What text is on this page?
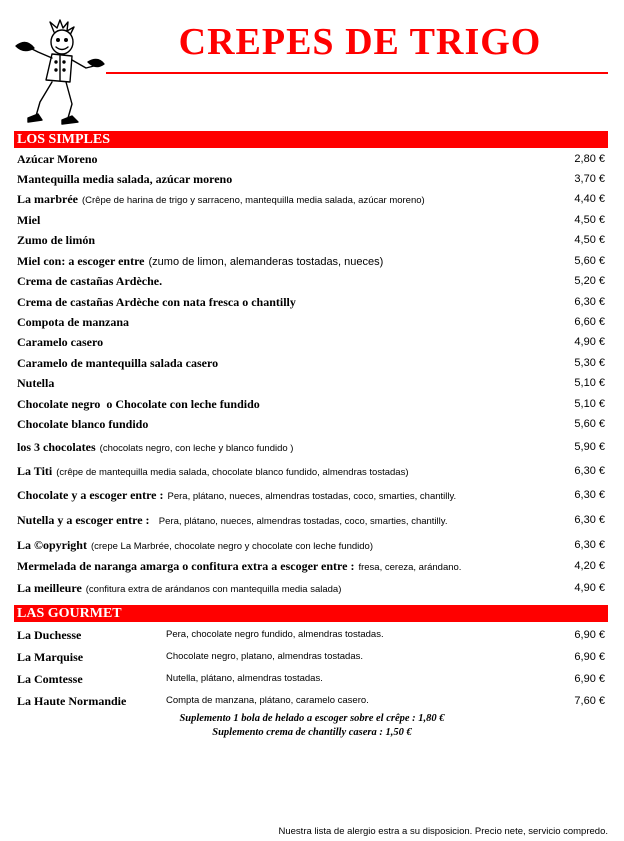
CREPES DE TRIGO
LOS SIMPLES
Azúcar Moreno	2,80 €
Mantequilla media salada, azúcar moreno	3,70 €
La marbrée (Crêpe de harina de trigo y sarraceno, mantequilla media salada, azúcar moreno)	4,40 €
Miel	4,50 €
Zumo de limón	4,50 €
Miel con: a escoger entre (zumo de limon, alemanderas tostadas, nueces)	5,60 €
Crema de castañas Ardèche.	5,20 €
Crema de castañas Ardèche con nata fresca o chantilly	6,30 €
Compota de manzana	6,60 €
Caramelo casero	4,90 €
Caramelo de mantequilla salada casero	5,30 €
Nutella	5,10 €
Chocolate negro  o Chocolate con leche fundido	5,10 €
Chocolate blanco fundido	5,60 €
los 3 chocolates (chocolats negro, con leche y blanco fundido )	5,90 €
La Titi (crêpe de mantequilla media salada, chocolate blanco fundido, almendras tostadas)	6,30 €
Chocolate y a escoger entre : Pera, plátano, nueces, almendras tostadas, coco, smarties, chantilly.	6,30 €
Nutella y a escoger entre :   Pera, plátano, nueces, almendras tostadas, coco, smarties, chantilly.	6,30 €
La ©opyright (crepe La Marbrée, chocolate negro y chocolate con leche fundido)	6,30 €
Mermelada de naranga amarga o confitura extra a escoger entre : fresa, cereza, arándano.	4,20 €
La meilleure (confitura extra de arándanos con mantequilla media salada)	4,90 €
LAS GOURMET
La Duchesse	Pera, chocolate negro fundido, almendras tostadas.	6,90 €
La Marquise	Chocolate negro, platano, almendras tostadas.	6,90 €
La Comtesse	Nutella, plátano, almendras tostadas.	6,90 €
La Haute Normandie	Compta de manzana, plátano, caramelo casero.	7,60 €
Suplemento 1 bola de helado a escoger sobre el crêpe : 1,80 €
Suplemento crema de chantilly casera : 1,50 €
Nuestra lista de alergio estra a su disposicion. Precio nete, servicio compredo.
